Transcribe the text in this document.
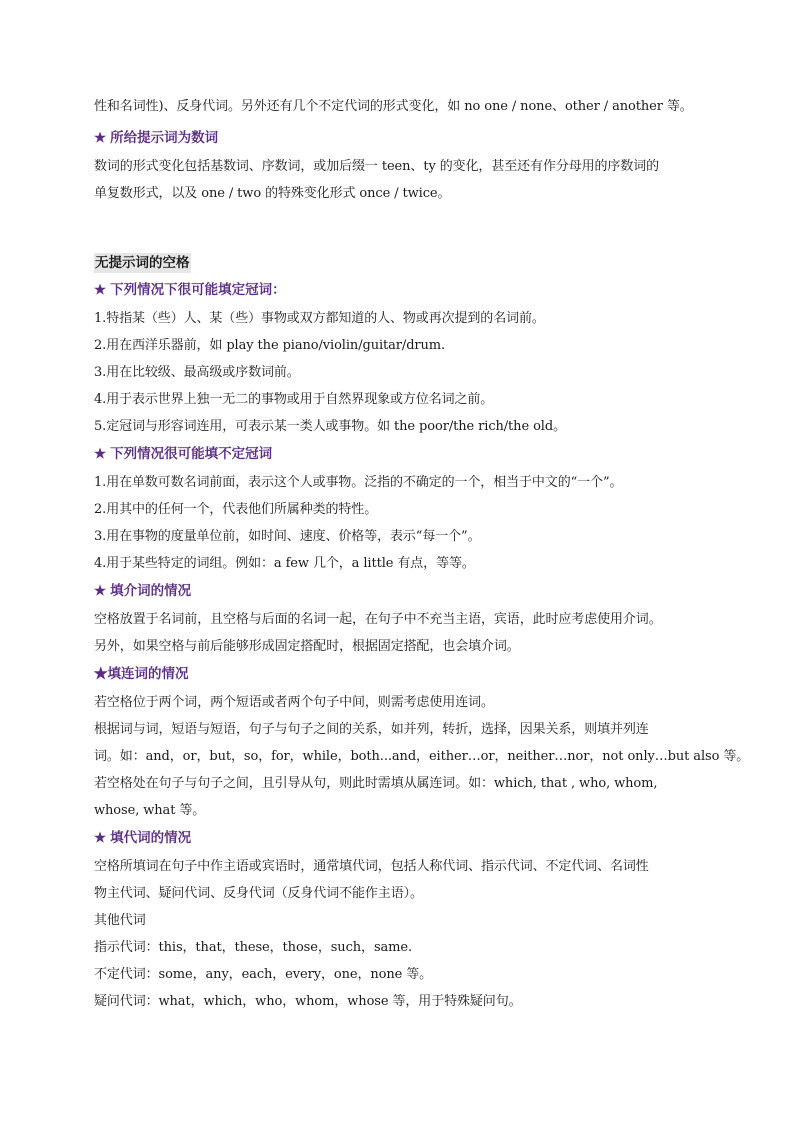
性和名词性)、反身代词。另外还有几个不定代词的形式变化，如 no one / none、other / another 等。
★ 所给提示词为数词
数词的形式变化包括基数词、序数词，或加后缀一 teen、ty 的变化，甚至还有作分母用的序数词的
单复数形式，以及 one / two 的特殊变化形式 once / twice。
无提示词的空格
★ 下列情况下很可能填定冠词：
1.特指某（些）人、某（些）事物或双方都知道的人、物或再次提到的名词前。
2.用在西洋乐器前，如 play the piano/violin/guitar/drum.
3.用在比较级、最高级或序数词前。
4.用于表示世界上独一无二的事物或用于自然界现象或方位名词之前。
5.定冠词与形容词连用，可表示某一类人或事物。如 the poor/the rich/the old。
★ 下列情况很可能填不定冠词
1.用在单数可数名词前面，表示这个人或事物。泛指的不确定的一个，相当于中文的“一个”。
2.用其中的任何一个，代表他们所属种类的特性。
3.用在事物的度量单位前，如时间、速度、价格等，表示“每一个”。
4.用于某些特定的词组。例如：a few 几个，a little 有点，等等。
★ 填介词的情况
空格放置于名词前，且空格与后面的名词一起，在句子中不充当主语，宾语，此时应考虑使用介词。
另外，如果空格与前后能够形成固定搭配时，根据固定搭配，也会填介词。
★填连词的情况
若空格位于两个词，两个短语或者两个句子中间，则需考虑使用连词。
根据词与词，短语与短语，句子与句子之间的关系，如并列，转折，选择，因果关系，则填并列连
词。如：and，or，but，so，for，while，both...and，either…or，neither…nor，not only…but also 等。
若空格处在句子与句子之间，且引导从句，则此时需填从属连词。如：which, that , who, whom,
whose, what 等。
★ 填代词的情况
空格所填词在句子中作主语或宾语时，通常填代词，包括人称代词、指示代词、不定代词、名词性
物主代词、疑问代词、反身代词（反身代词不能作主语）。
其他代词
指示代词：this，that，these，those，such，same.
不定代词：some，any，each，every，one，none 等。
疑问代词：what，which，who，whom，whose 等，用于特殊疑问句。
